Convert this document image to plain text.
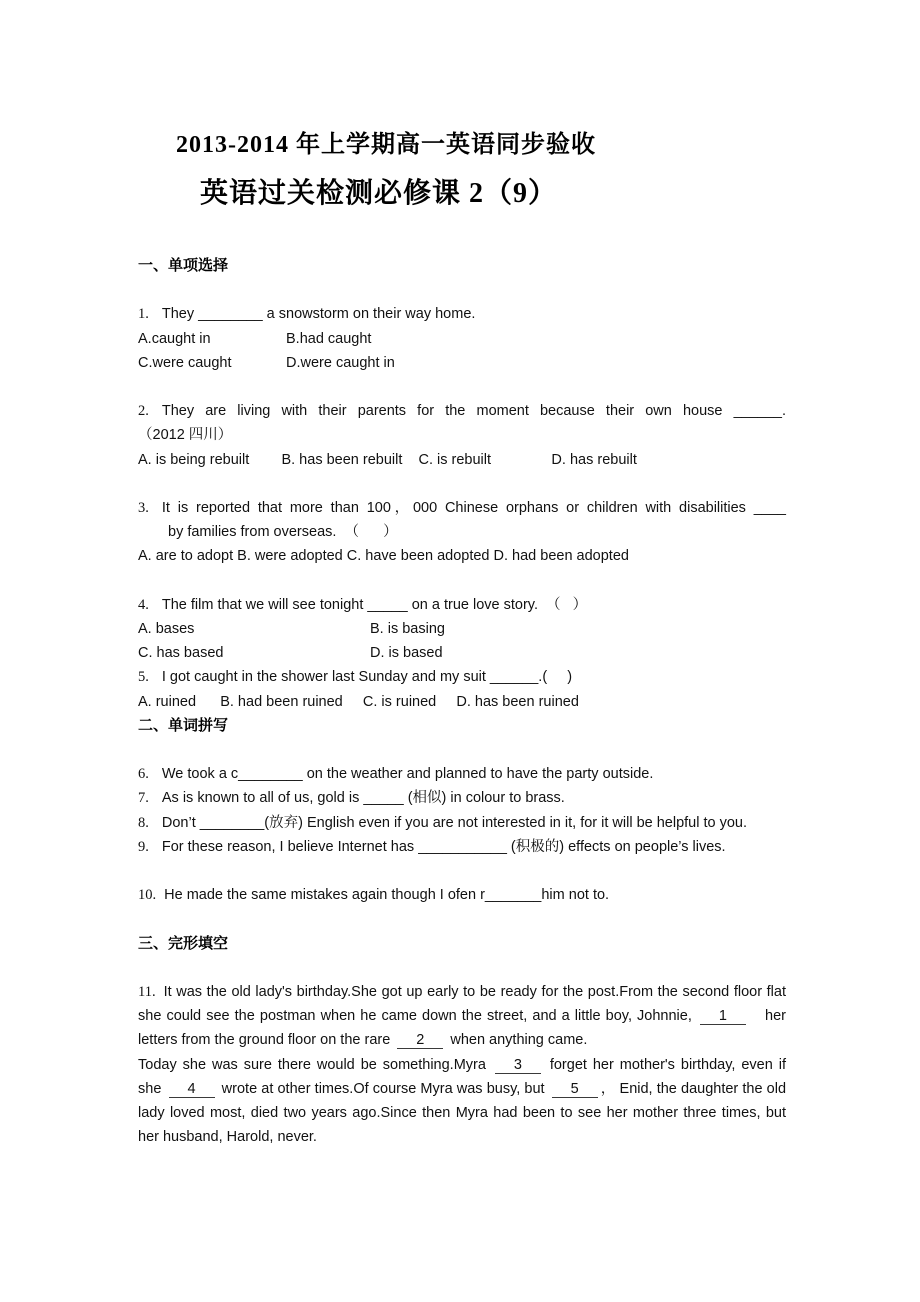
2013-2014 年上学期高一英语同步验收
英语过关检测必修课 2（9）
一、单项选择
1. They ________ a snowstorm on their way home.
A.caught in	B.had caught
C.were caught	D.were caught in
2. They are living with their parents for the moment because their own house ______.
（2012 四川）
A. is being rebuilt        B. has been rebuilt    C. is rebuilt               D. has rebuilt
3. It is reported that more than 100，000 Chinese orphans or children with disabilities ____
by families from overseas.  （      ）
A. are to adopt B. were adopted C. have been adopted D. had been adopted
4. The film that we will see tonight _____ on a true love story.  （   ）
A. bases	B. is basing
C. has based	D. is based
5. I got caught in the shower last Sunday and my suit ______.(     )
A. ruined      B. had been ruined     C. is ruined     D. has been ruined
二、单词拼写
6. We took a c________ on the weather and planned to have the party outside.
7. As is known to all of us, gold is _____ (相似) in colour to brass.
8. Don’t ________(放弃) English even if you are not interested in it, for it will be helpful to you.
9. For these reason, I believe Internet has ___________ (积极的) effects on people’s lives.
10. He made the same mistakes again though I ofen r_______him not to.
三、完形填空
11. It was the old lady's birthday.She got up early to be ready for the post.From the second floor flat she could see the postman when he came down the street, and a little boy, Johnnie, 1	her letters from the ground floor on the rare 2 when anything came.
Today she was sure there would be something.Myra 3 forget her mother's birthday, even if she 4 wrote at other times.Of course Myra was busy, but 5 ， Enid, the daughter the old lady loved most, died two years ago.Since then Myra had been to see her mother three times, but her husband, Harold, never.
